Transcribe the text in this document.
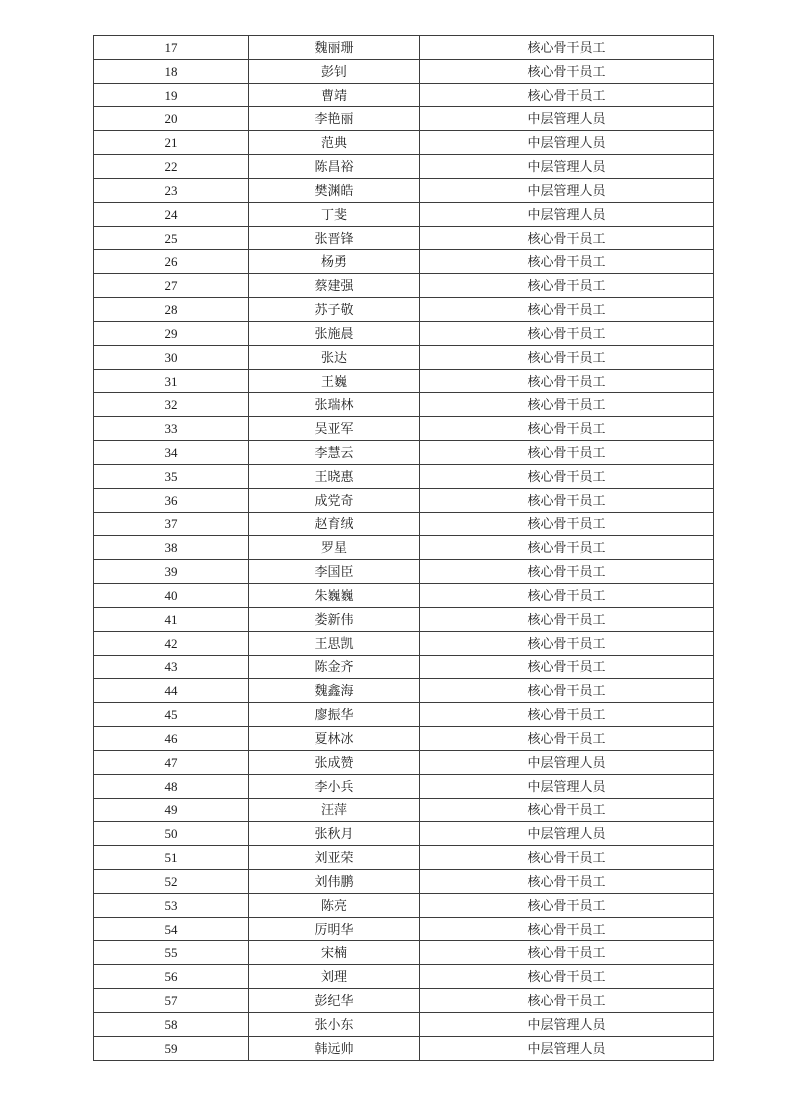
17	魏丽珊	核心骨干员工
18	彭钊	核心骨干员工
19	曹靖	核心骨干员工
20	李艳丽	中层管理人员
21	范典	中层管理人员
22	陈昌裕	中层管理人员
23	樊渊皓	中层管理人员
24	丁斐	中层管理人员
25	张晋锋	核心骨干员工
26	杨勇	核心骨干员工
27	蔡建强	核心骨干员工
28	苏子敬	核心骨干员工
29	张施晨	核心骨干员工
30	张达	核心骨干员工
31	王巍	核心骨干员工
32	张瑞林	核心骨干员工
33	吴亚军	核心骨干员工
34	李慧云	核心骨干员工
35	王晓惠	核心骨干员工
36	成党奇	核心骨干员工
37	赵育绒	核心骨干员工
38	罗星	核心骨干员工
39	李国臣	核心骨干员工
40	朱巍巍	核心骨干员工
41	娄新伟	核心骨干员工
42	王思凯	核心骨干员工
43	陈金齐	核心骨干员工
44	魏鑫海	核心骨干员工
45	廖振华	核心骨干员工
46	夏林冰	核心骨干员工
47	张成赞	中层管理人员
48	李小兵	中层管理人员
49	汪萍	核心骨干员工
50	张秋月	中层管理人员
51	刘亚荣	核心骨干员工
52	刘伟鹏	核心骨干员工
53	陈亮	核心骨干员工
54	厉明华	核心骨干员工
55	宋楠	核心骨干员工
56	刘理	核心骨干员工
57	彭纪华	核心骨干员工
58	张小东	中层管理人员
59	韩远帅	中层管理人员
